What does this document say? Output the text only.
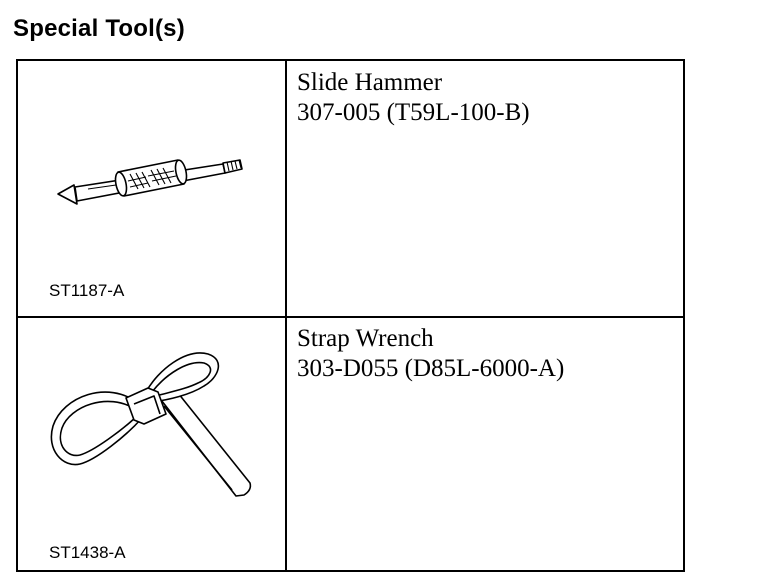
Special Tool(s)
ST1187-A
Slide Hammer
307-005 (T59L-100-B)
ST1438-A
Strap Wrench
303-D055 (D85L-6000-A)
